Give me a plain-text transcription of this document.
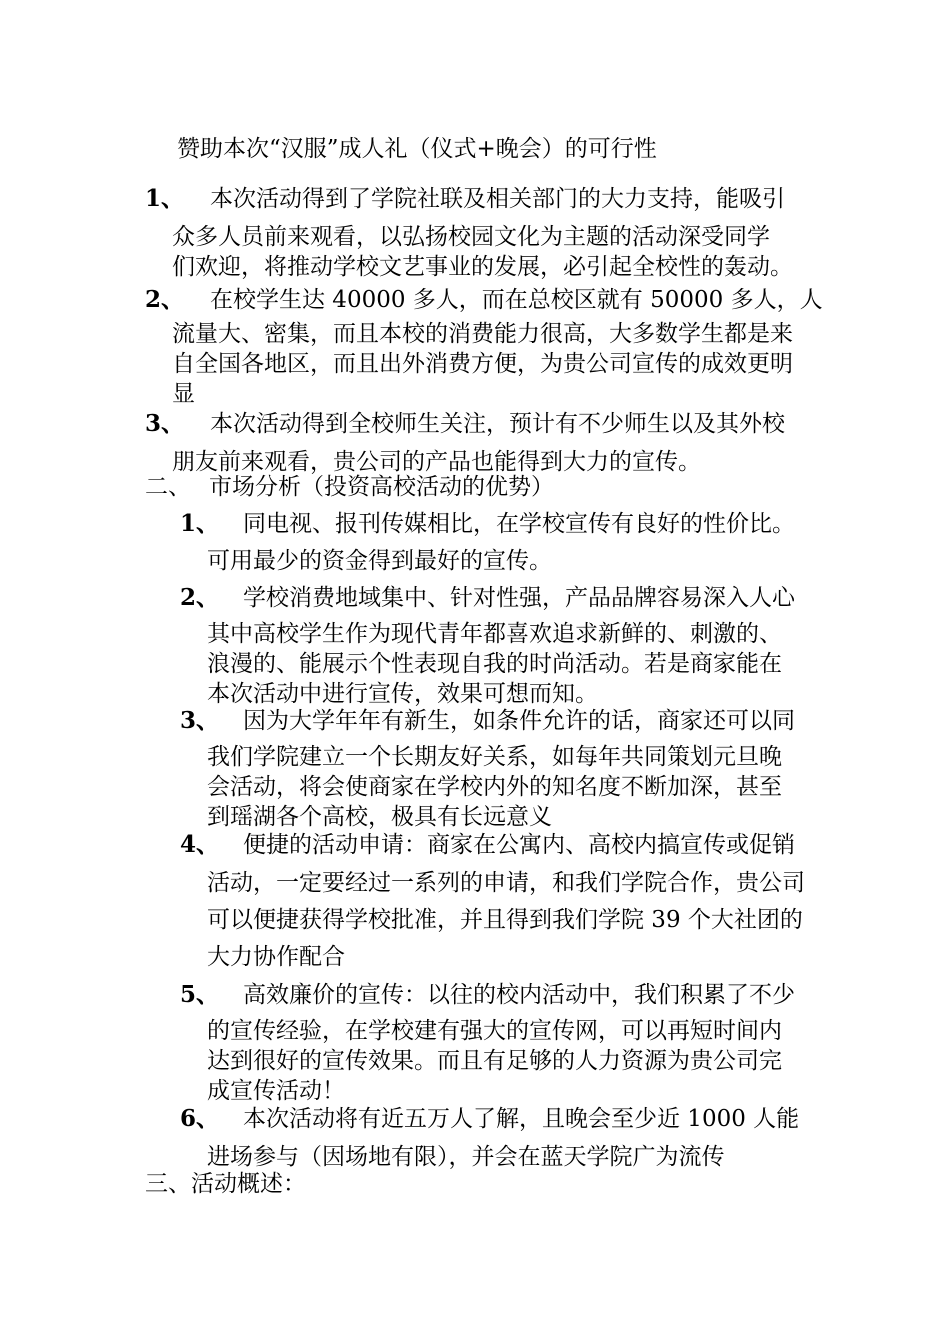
赞助本次“汉服”成人礼（仪式+晚会）的可行性
1、 本次活动得到了学院社联及相关部门的大力支持，能吸引

众多人员前来观看，以弘扬校园文化为主题的活动深受同学

们欢迎，将推动学校文艺事业的发展，必引起全校性的轰动。

2、 在校学生达 40000 多人，而在总校区就有 50000 多人，人

流量大、密集，而且本校的消费能力很高，大多数学生都是来

自全国各地区，而且出外消费方便，为贵公司宣传的成效更明

显

3、 本次活动得到全校师生关注，预计有不少师生以及其外校

朋友前来观看，贵公司的产品也能得到大力的宣传。

二、 市场分析（投资高校活动的优势）
1、 同电视、报刊传媒相比，在学校宣传有良好的性价比。

可用最少的资金得到最好的宣传。

2、 学校消费地域集中、针对性强，产品品牌容易深入人心

其中高校学生作为现代青年都喜欢追求新鲜的、刺激的、

浪漫的、能展示个性表现自我的时尚活动。若是商家能在

本次活动中进行宣传，效果可想而知。

3、 因为大学年年有新生，如条件允许的话，商家还可以同

我们学院建立一个长期友好关系，如每年共同策划元旦晚

会活动，将会使商家在学校内外的知名度不断加深，甚至

到瑶湖各个高校，极具有长远意义

4、 便捷的活动申请：商家在公寓内、高校内搞宣传或促销

活动，一定要经过一系列的申请，和我们学院合作，贵公司

可以便捷获得学校批准，并且得到我们学院 39 个大社团的

大力协作配合

5、 高效廉价的宣传：以往的校内活动中，我们积累了不少

的宣传经验，在学校建有强大的宣传网，可以再短时间内

达到很好的宣传效果。而且有足够的人力资源为贵公司完

成宣传活动！

6、 本次活动将有近五万人了解，且晚会至少近 1000 人能

进场参与（因场地有限），并会在蓝天学院广为流传

三、活动概述：
